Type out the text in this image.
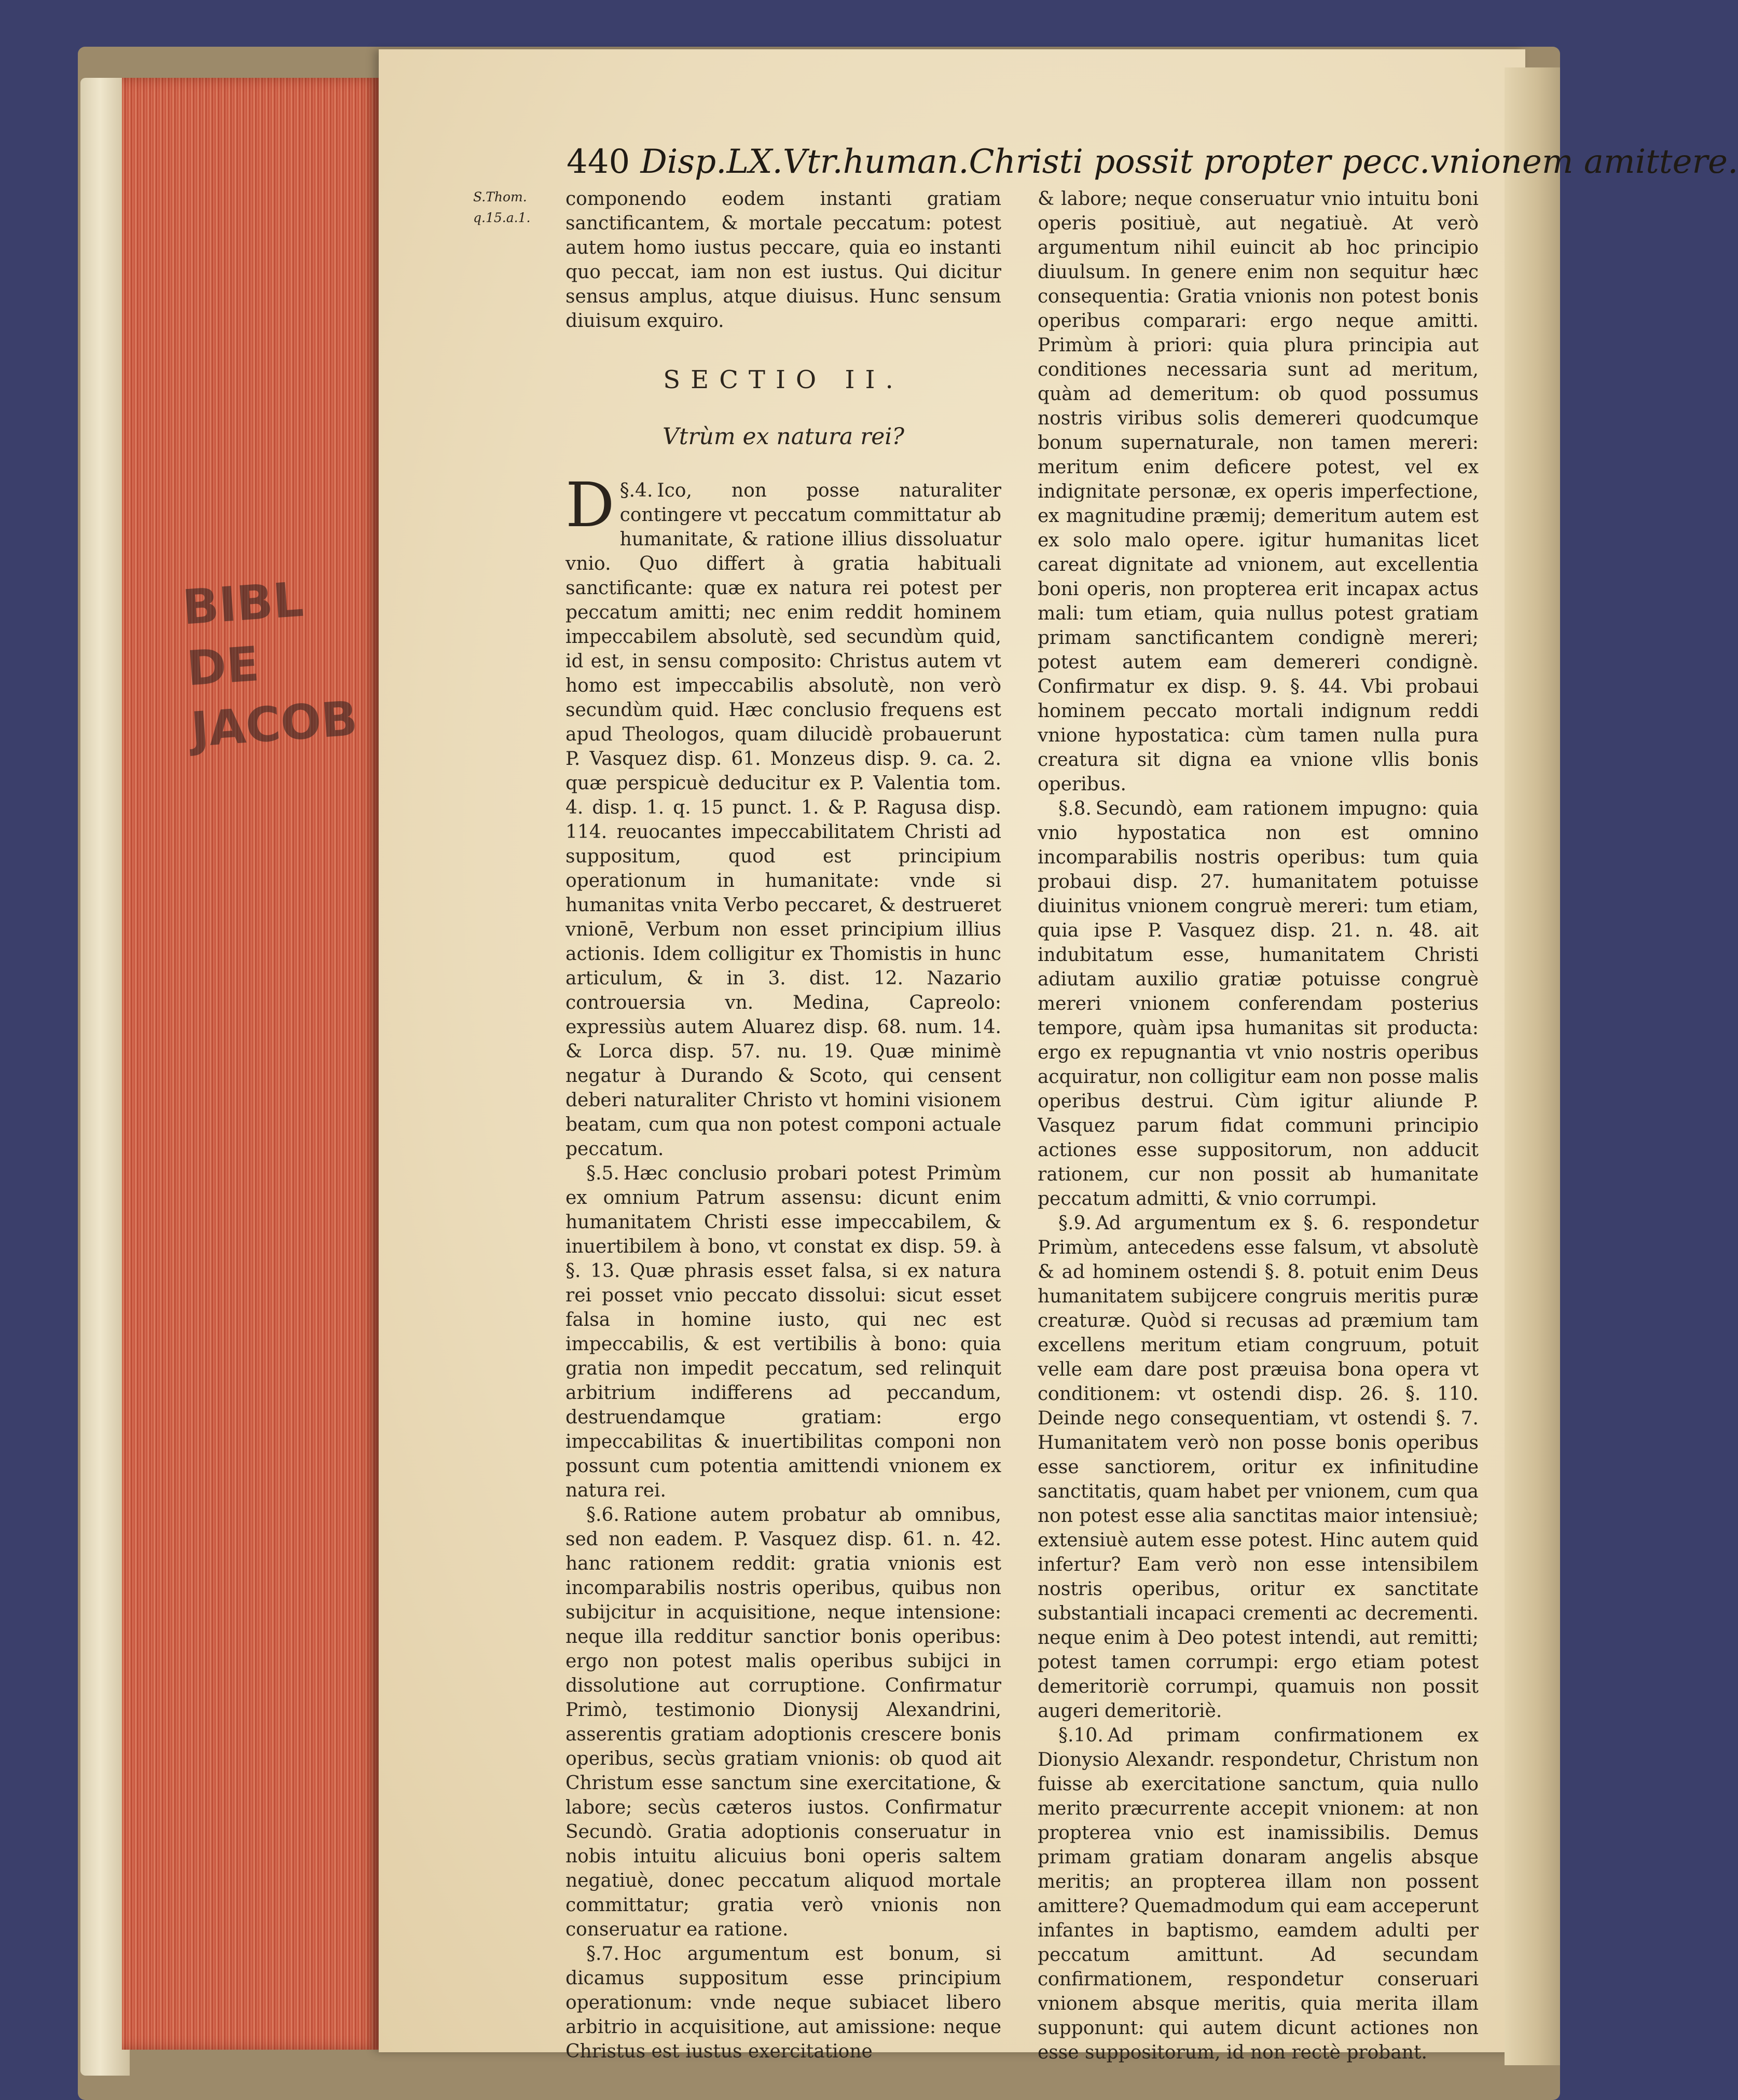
BIBL
DE
JACOB
440 Disp.LX.Vtr.human.Christi possit propter pecc.vnionem amittere.
S.Thom. q.15.a.1.

componendo eodem instanti gratiam sanctificantem, & mortale peccatum: potest autem homo iustus peccare, quia eo instanti quo peccat, iam non est iustus. Qui dicitur sensus amplus, atque diuisus. Hunc sensum diuisum exquiro.

SECTIO II.
Vtrùm ex natura rei?

§.4.
D Ico, non posse naturaliter contingere vt peccatum committatur ab humanitate, & ratione illius dissoluatur vnio. Quo differt à gratia habituali sanctificante: quæ ex natura rei potest per peccatum amitti; nec enim reddit hominem impeccabilem absolutè, sed secundùm quid, id est, in sensu composito: Christus autem vt homo est impeccabilis absolutè, non verò secundùm quid. Hæc conclusio frequens est apud Theologos, quam dilucidè probauerunt P. Vasquez disp. 61. Monzeus disp. 9. ca. 2. quæ perspicuè deducitur ex P. Valentia tom. 4. disp. 1. q. 15 punct. 1. & P. Ragusa disp. 114. reuocantes impeccabilitatem Christi ad suppositum, quod est principium operationum in humanitate: vnde si humanitas vnita Verbo peccaret, & destrueret vnionē, Verbum non esset principium illius actionis. Idem colligitur ex Thomistis in hunc articulum, & in 3. dist. 12. Nazario controuersia vn. Medina, Capreolo: expressiùs autem Aluarez disp. 68. num. 14. & Lorca disp. 57. nu. 19. Quæ minimè negatur à Durando & Scoto, qui censent deberi naturaliter Christo vt homini visionem beatam, cum qua non potest componi actuale peccatum.

§.5. Hæc conclusio probari potest Primùm ex omnium Patrum assensu: dicunt enim humanitatem Christi esse impeccabilem, & inuertibilem à bono, vt constat ex disp. 59. à §. 13. Quæ phrasis esset falsa, si ex natura rei posset vnio peccato dissolui: sicut esset falsa in homine iusto, qui nec est impeccabilis, & est vertibilis à bono: quia gratia non impedit peccatum, sed relinquit arbitrium indifferens ad peccandum, destruendamque gratiam: ergo impeccabilitas & inuertibilitas componi non possunt cum potentia amittendi vnionem ex natura rei.

§.6. Ratione autem probatur ab omnibus, sed non eadem. P. Vasquez disp. 61. n. 42. hanc rationem reddit: gratia vnionis est incomparabilis nostris operibus, quibus non subijcitur in acquisitione, neque intensione: neque illa redditur sanctior bonis operibus: ergo non potest malis operibus subijci in dissolutione aut corruptione. Confirmatur Primò, testimonio Dionysij Alexandrini, asserentis gratiam adoptionis crescere bonis operibus, secùs gratiam vnionis: ob quod ait Christum esse sanctum sine exercitatione, & labore; secùs cæteros iustos. Confirmatur Secundò. Gratia adoptionis conseruatur in nobis intuitu alicuius boni operis saltem negatiuè, donec peccatum aliquod mortale committatur; gratia verò vnionis non conseruatur ea ratione.

§.7. Hoc argumentum est bonum, si dicamus suppositum esse principium operationum: vnde neque subiacet libero arbitrio in acquisitione, aut amissione: neque Christus est iustus exercitatione

& labore; neque conseruatur vnio intuitu boni operis positiuè, aut negatiuè. At verò argumentum nihil euincit ab hoc principio diuulsum. In genere enim non sequitur hæc consequentia: Gratia vnionis non potest bonis operibus comparari: ergo neque amitti. Primùm à priori: quia plura principia aut conditiones necessaria sunt ad meritum, quàm ad demeritum: ob quod possumus nostris viribus solis demereri quodcumque bonum supernaturale, non tamen mereri: meritum enim deficere potest, vel ex indignitate personæ, ex operis imperfectione, ex magnitudine præmij; demeritum autem est ex solo malo opere. igitur humanitas licet careat dignitate ad vnionem, aut excellentia boni operis, non propterea erit incapax actus mali: tum etiam, quia nullus potest gratiam primam sanctificantem condignè mereri; potest autem eam demereri condignè. Confirmatur ex disp. 9. §. 44. Vbi probaui hominem peccato mortali indignum reddi vnione hypostatica: cùm tamen nulla pura creatura sit digna ea vnione vllis bonis operibus.

§.8. Secundò, eam rationem impugno: quia vnio hypostatica non est omnino incomparabilis nostris operibus: tum quia probaui disp. 27. humanitatem potuisse diuinitus vnionem congruè mereri: tum etiam, quia ipse P. Vasquez disp. 21. n. 48. ait indubitatum esse, humanitatem Christi adiutam auxilio gratiæ potuisse congruè mereri vnionem conferendam posterius tempore, quàm ipsa humanitas sit producta: ergo ex repugnantia vt vnio nostris operibus acquiratur, non colligitur eam non posse malis operibus destrui. Cùm igitur aliunde P. Vasquez parum fidat communi principio actiones esse suppositorum, non adducit rationem, cur non possit ab humanitate peccatum admitti, & vnio corrumpi.

§.9. Ad argumentum ex §. 6. respondetur Primùm, antecedens esse falsum, vt absolutè & ad hominem ostendi §. 8. potuit enim Deus humanitatem subijcere congruis meritis puræ creaturæ. Quòd si recusas ad præmium tam excellens meritum etiam congruum, potuit velle eam dare post præuisa bona opera vt conditionem: vt ostendi disp. 26. §. 110. Deinde nego consequentiam, vt ostendi §. 7. Humanitatem verò non posse bonis operibus esse sanctiorem, oritur ex infinitudine sanctitatis, quam habet per vnionem, cum qua non potest esse alia sanctitas maior intensiuè; extensiuè autem esse potest. Hinc autem quid infertur? Eam verò non esse intensibilem nostris operibus, oritur ex sanctitate substantiali incapaci crementi ac decrementi. neque enim à Deo potest intendi, aut remitti; potest tamen corrumpi: ergo etiam potest demeritoriè corrumpi, quamuis non possit augeri demeritoriè.

§.10. Ad primam confirmationem ex Dionysio Alexandr. respondetur, Christum non fuisse ab exercitatione sanctum, quia nullo merito præcurrente accepit vnionem: at non propterea vnio est inamissibilis. Demus primam gratiam donaram angelis absque meritis; an propterea illam non possent amittere? Quemadmodum qui eam acceperunt infantes in baptismo, eamdem adulti per peccatum amittunt. Ad secundam confirmationem, respondetur conseruari vnionem absque meritis, quia merita illam supponunt: qui autem dicunt actiones non esse suppositorum, id non rectè probant.
